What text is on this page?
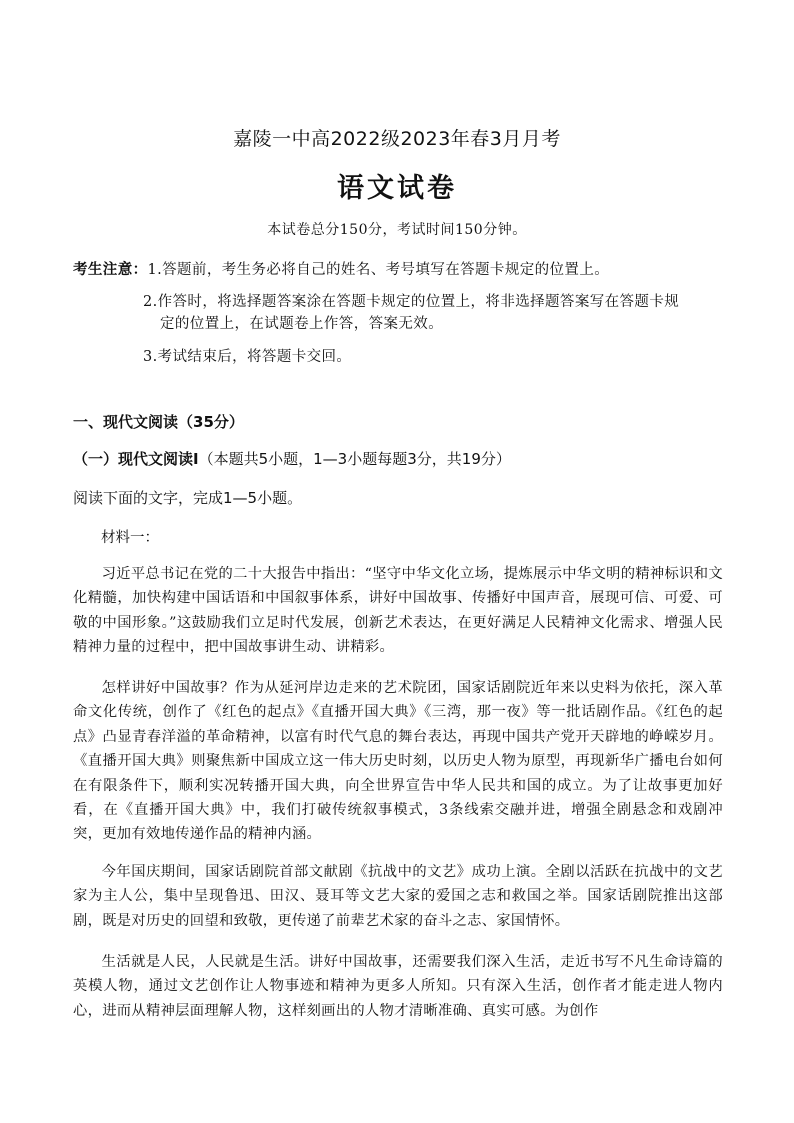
嘉陵一中高2022级2023年春3月月考
语文试卷
本试卷总分150分，考试时间150分钟。
考生注意：1.答题前，考生务必将自己的姓名、考号填写在答题卡规定的位置上。
2.作答时，将选择题答案涂在答题卡规定的位置上，将非选择题答案写在答题卡规
定的位置上，在试题卷上作答，答案无效。
3.考试结束后，将答题卡交回。
一、现代文阅读（35分）
（一）现代文阅读Ⅰ（本题共5小题，1—3小题每题3分，共19分）
阅读下面的文字，完成1—5小题。
材料一：
习近平总书记在党的二十大报告中指出：“坚守中华文化立场，提炼展示中华文明的精神标识和文化精髓，加快构建中国话语和中国叙事体系，讲好中国故事、传播好中国声音，展现可信、可爱、可敬的中国形象。”这鼓励我们立足时代发展，创新艺术表达，在更好满足人民精神文化需求、增强人民精神力量的过程中，把中国故事讲生动、讲精彩。
怎样讲好中国故事？作为从延河岸边走来的艺术院团，国家话剧院近年来以史料为依托，深入革命文化传统，创作了《红色的起点》《直播开国大典》《三湾，那一夜》等一批话剧作品。《红色的起点》凸显青春洋溢的革命精神，以富有时代气息的舞台表达，再现中国共产党开天辟地的峥嵘岁月。《直播开国大典》则聚焦新中国成立这一伟大历史时刻，以历史人物为原型，再现新华广播电台如何在有限条件下，顺利实况转播开国大典，向全世界宣告中华人民共和国的成立。为了让故事更加好看，在《直播开国大典》中，我们打破传统叙事模式，3条线索交融并进，增强全剧悬念和戏剧冲突，更加有效地传递作品的精神内涵。
今年国庆期间，国家话剧院首部文献剧《抗战中的文艺》成功上演。全剧以活跃在抗战中的文艺家为主人公，集中呈现鲁迅、田汉、聂耳等文艺大家的爱国之志和救国之举。国家话剧院推出这部剧，既是对历史的回望和致敬，更传递了前辈艺术家的奋斗之志、家国情怀。
生活就是人民，人民就是生活。讲好中国故事，还需要我们深入生活，走近书写不凡生命诗篇的英模人物，通过文艺创作让人物事迹和精神为更多人所知。只有深入生活，创作者才能走进人物内心，进而从精神层面理解人物，这样刻画出的人物才清晰准确、真实可感。为创作
